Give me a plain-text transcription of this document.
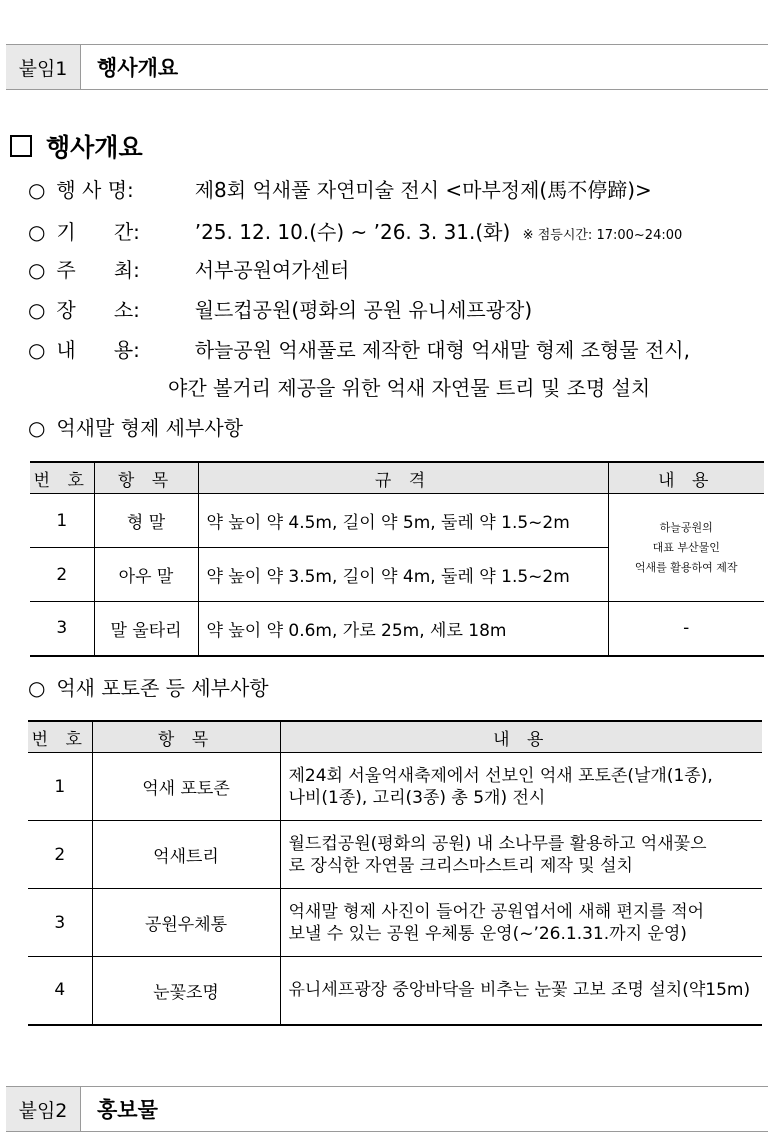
붙임1	행사개요
행사개요
○ 행 사 명:	제8회 억새풀 자연미술 전시 <마부정제(馬不停蹄)>
○ 기      간:	’25. 12. 10.(수) ~ ’26. 3. 31.(화) ※ 점등시간: 17:00~24:00
○ 주      최:	서부공원여가센터
○ 장      소:	월드컵공원(평화의 공원 유니세프광장)
○ 내      용:	하늘공원 억새풀로 제작한 대형 억새말 형제 조형물 전시,
야간 볼거리 제공을 위한 억새 자연물 트리 및 조명 설치
○ 억새말 형제 세부사항
번 호	항 목	규 격	내 용
1	형 말	약 높이 약 4.5m, 길이 약 5m, 둘레 약 1.5~2m	하늘공원의
대표 부산물인
억새를 활용하여 제작

2	아우 말	약 높이 약 3.5m, 길이 약 4m, 둘레 약 1.5~2m	
3	말 울타리	약 높이 약 0.6m, 가로 25m, 세로 18m	-
○ 억새 포토존 등 세부사항
번 호	항 목	내 용
1	억새 포토존	제24회 서울억새축제에서 선보인 억새 포토존(날개(1종),
나비(1종), 고리(3종) 총 5개) 전시

2	억새트리	월드컵공원(평화의 공원) 내 소나무를 활용하고 억새꽃으
로 장식한 자연물 크리스마스트리 제작 및 설치

3	공원우체통	억새말 형제 사진이 들어간 공원엽서에 새해 편지를 적어
보낼 수 있는 공원 우체통 운영(~’26.1.31.까지 운영)

4	눈꽃조명	유니세프광장 중앙바닥을 비추는 눈꽃 고보 조명 설치(약15m)
붙임2	홍보물
